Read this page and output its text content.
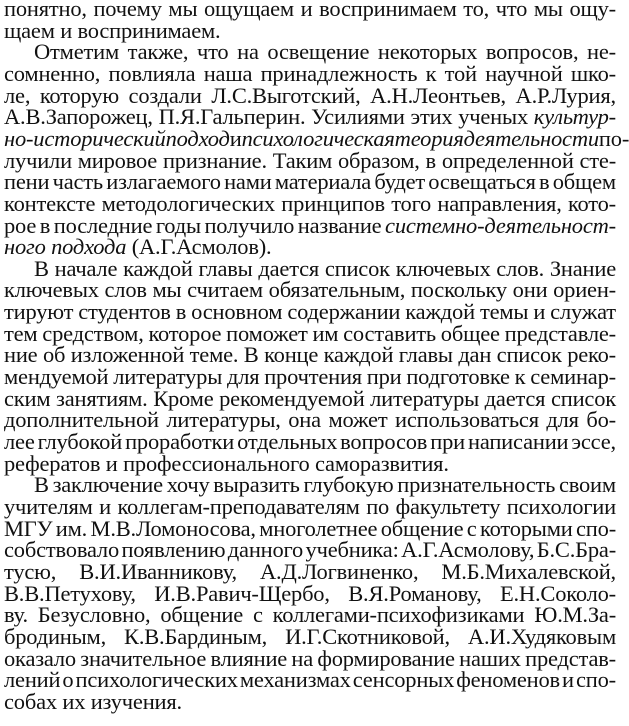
понятно, почему мы ощущаем и воспринимаем то, что мы ощу-
щаем и воспринимаем.
Отметим также, что на освещение некоторых вопросов, не-
сомненно, повлияла наша принадлежность к той научной шко-
ле, которую создали Л.С.Выготский, А.Н.Леонтьев, А.Р.Лурия,
А.В.Запорожец, П.Я.Гальперин. Усилиями этих ученых культур-
но-исторический подход и психологическая теория деятельности по-
лучили мировое признание. Таким образом, в определенной сте-
пени часть излагаемого нами материала будет освещаться в общем
контексте методологических принципов того направления, кото-
рое в последние годы получило название системно-деятельност-
ного подхода (А.Г.Асмолов).
В начале каждой главы дается список ключевых слов. Знание
ключевых слов мы считаем обязательным, поскольку они ориен-
тируют студентов в основном содержании каждой темы и служат
тем средством, которое поможет им составить общее представле-
ние об изложенной теме. В конце каждой главы дан список реко-
мендуемой литературы для прочтения при подготовке к семинар-
ским занятиям. Кроме рекомендуемой литературы дается список
дополнительной литературы, она может использоваться для бо-
лее глубокой проработки отдельных вопросов при написании эссе,
рефератов и профессионального саморазвития.
В заключение хочу выразить глубокую признательность своим
учителям и коллегам-преподавателям по факультету психологии
МГУ им. М.В.Ломоносова, многолетнее общение с которыми спо-
собствовало появлению данного учебника: А.Г.Асмолову, Б.С.Бра-
тусю, В.И.Иванникову, А.Д.Логвиненко, М.Б.Михалевской,
В.В.Петухову, И.В.Равич-Щербо, В.Я.Романову, Е.Н.Соколо-
ву. Безусловно, общение с коллегами-психофизиками Ю.М.За-
бродиным, К.В.Бардиным, И.Г.Скотниковой, А.И.Худяковым
оказало значительное влияние на формирование наших представ-
лений о психологических механизмах сенсорных феноменов и спо-
собах их изучения.
